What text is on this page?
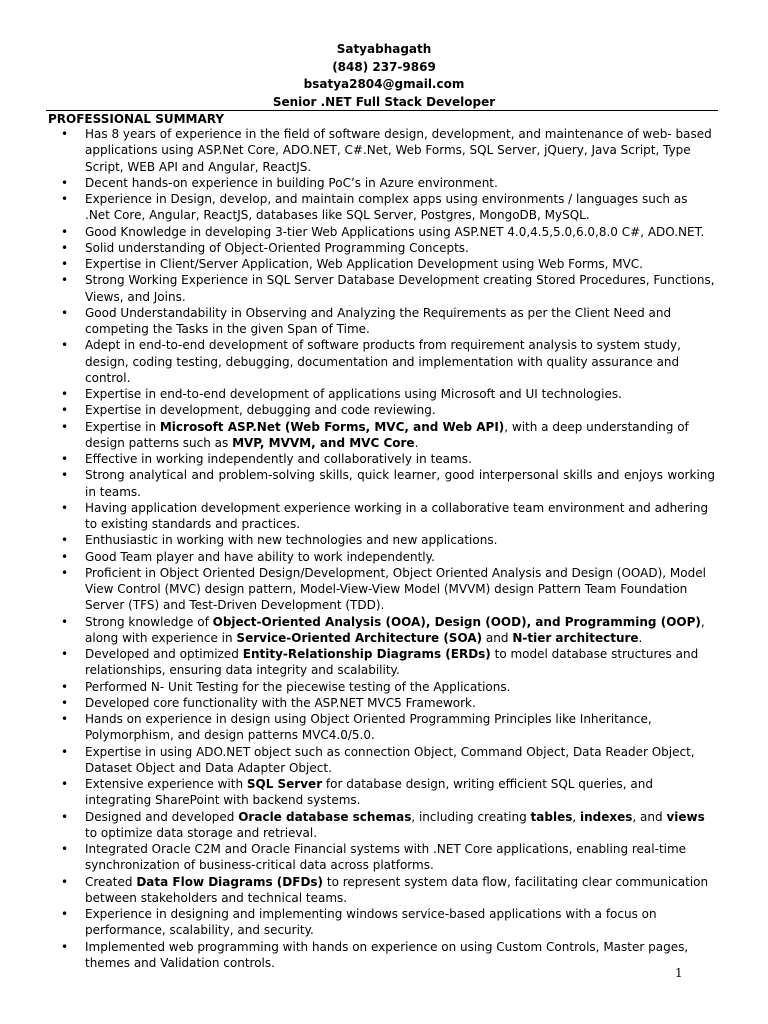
Satyabhagath
(848) 237-9869
bsatya2804@gmail.com
Senior .NET Full Stack Developer
PROFESSIONAL SUMMARY
• Has 8 years of experience in the field of software design, development, and maintenance of web- based applications using ASP.Net Core, ADO.NET, C#.Net, Web Forms, SQL Server, jQuery, Java Script, Type Script, WEB API and Angular, ReactJS.
• Decent hands-on experience in building PoC’s in Azure environment.
• Experience in Design, develop, and maintain complex apps using environments / languages such as .Net Core, Angular, ReactJS, databases like SQL Server, Postgres, MongoDB, MySQL.
• Good Knowledge in developing 3-tier Web Applications using ASP.NET 4.0,4.5,5.0,6.0,8.0 C#, ADO.NET.
• Solid understanding of Object-Oriented Programming Concepts.
• Expertise in Client/Server Application, Web Application Development using Web Forms, MVC.
• Strong Working Experience in SQL Server Database Development creating Stored Procedures, Functions, Views, and Joins.
• Good Understandability in Observing and Analyzing the Requirements as per the Client Need and competing the Tasks in the given Span of Time.
• Adept in end-to-end development of software products from requirement analysis to system study, design, coding testing, debugging, documentation and implementation with quality assurance and control.
• Expertise in end-to-end development of applications using Microsoft and UI technologies.
• Expertise in development, debugging and code reviewing.
• Expertise in Microsoft ASP.Net (Web Forms, MVC, and Web API), with a deep understanding of design patterns such as MVP, MVVM, and MVC Core.
• Effective in working independently and collaboratively in teams.
• Strong analytical and problem-solving skills, quick learner, good interpersonal skills and enjoys working in teams.
• Having application development experience working in a collaborative team environment and adhering to existing standards and practices.
• Enthusiastic in working with new technologies and new applications.
• Good Team player and have ability to work independently.
• Proficient in Object Oriented Design/Development, Object Oriented Analysis and Design (OOAD), Model View Control (MVC) design pattern, Model-View-View Model (MVVM) design Pattern Team Foundation Server (TFS) and Test-Driven Development (TDD).
• Strong knowledge of Object-Oriented Analysis (OOA), Design (OOD), and Programming (OOP), along with experience in Service-Oriented Architecture (SOA) and N-tier architecture.
• Developed and optimized Entity-Relationship Diagrams (ERDs) to model database structures and relationships, ensuring data integrity and scalability.
• Performed N- Unit Testing for the piecewise testing of the Applications.
• Developed core functionality with the ASP.NET MVC5 Framework.
• Hands on experience in design using Object Oriented Programming Principles like Inheritance, Polymorphism, and design patterns MVC4.0/5.0.
• Expertise in using ADO.NET object such as connection Object, Command Object, Data Reader Object, Dataset Object and Data Adapter Object.
• Extensive experience with SQL Server for database design, writing efficient SQL queries, and integrating SharePoint with backend systems.
• Designed and developed Oracle database schemas, including creating tables, indexes, and views to optimize data storage and retrieval.
• Integrated Oracle C2M and Oracle Financial systems with .NET Core applications, enabling real-time synchronization of business-critical data across platforms.
• Created Data Flow Diagrams (DFDs) to represent system data flow, facilitating clear communication between stakeholders and technical teams.
• Experience in designing and implementing windows service-based applications with a focus on performance, scalability, and security.
• Implemented web programming with hands on experience on using Custom Controls, Master pages, themes and Validation controls.
1
